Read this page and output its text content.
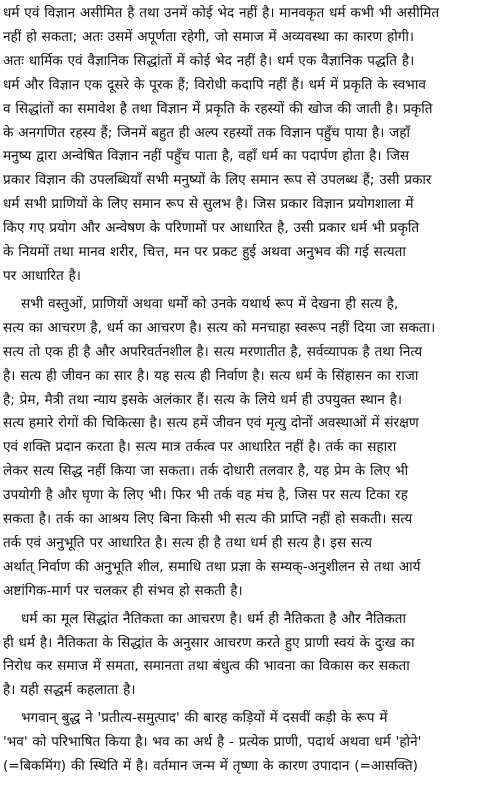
धर्म एवं विज्ञान असीमित है तथा उनमें कोई भेद नहीं है। मानवकृत धर्म कभी भी असीमित
नहीं हो सकता; अतः उसमें अपूर्णता रहेगी, जो समाज में अव्यवस्था का कारण होगी।
अतः धार्मिक एवं वैज्ञानिक सिद्धांतों में कोई भेद नहीं है। धर्म एक वैज्ञानिक पद्धति है।
धर्म और विज्ञान एक दूसरे के पूरक हैं; विरोधी कदापि नहीं हैं। धर्म में प्रकृति के स्वभाव
व सिद्धांतों का समावेश है तथा विज्ञान में प्रकृति के रहस्यों की खोज की जाती है। प्रकृति
के अनगणित रहस्य हैं; जिनमें बहुत ही अल्प रहस्यों तक विज्ञान पहुँच पाया है। जहाँ
मनुष्य द्वारा अन्वेषित विज्ञान नहीं पहुँच पाता है, वहाँ धर्म का पदार्पण होता है। जिस
प्रकार विज्ञान की उपलब्धियाँ सभी मनुष्यों के लिए समान रूप से उपलब्ध हैं; उसी प्रकार
धर्म सभी प्राणियों के लिए समान रूप से सुलभ है। जिस प्रकार विज्ञान प्रयोगशाला में
किए गए प्रयोग और अन्वेषण के परिणामों पर आधारित है, उसी प्रकार धर्म भी प्रकृति
के नियमों तथा मानव शरीर, चित्त, मन पर प्रकट हुई अथवा अनुभव की गई सत्यता
पर आधारित है।

सभी वस्तुओं, प्राणियों अथवा धर्मों को उनके यथार्थ रूप में देखना ही सत्य है,
सत्य का आचरण है, धर्म का आचरण है। सत्य को मनचाहा स्वरूप नहीं दिया जा सकता।
सत्य तो एक ही है और अपरिवर्तनशील है। सत्य मरणातीत है, सर्वव्यापक है तथा नित्य
है। सत्य ही जीवन का सार है। यह सत्य ही निर्वाण है। सत्य धर्म के सिंहासन का राजा
है; प्रेम, मैत्री तथा न्याय इसके अलंकार हैं। सत्य के लिये धर्म ही उपयुक्त स्थान है।
सत्य हमारे रोगों की चिकित्सा है। सत्य हमें जीवन एवं मृत्यु दोनों अवस्थाओं में संरक्षण
एवं शक्ति प्रदान करता है। सत्य मात्र तर्कत्व पर आधारित नहीं है। तर्क का सहारा
लेकर सत्य सिद्ध नहीं किया जा सकता। तर्क दोधारी तलवार है, यह प्रेम के लिए भी
उपयोगी है और घृणा के लिए भी। फिर भी तर्क वह मंच है, जिस पर सत्य टिका रह
सकता है। तर्क का आश्रय लिए बिना किसी भी सत्य की प्राप्ति नहीं हो सकती। सत्य
तर्क एवं अनुभूति पर आधारित है। सत्य ही है तथा धर्म ही सत्य है। इस सत्य
अर्थात् निर्वाण की अनुभूति शील, समाधि तथा प्रज्ञा के सम्यक्-अनुशीलन से तथा आर्य
अष्टांगिक-मार्ग पर चलकर ही संभव हो सकती है।

धर्म का मूल सिद्धांत नैतिकता का आचरण है। धर्म ही नैतिकता है और नैतिकता
ही धर्म है। नैतिकता के सिद्धांत के अनुसार आचरण करते हुए प्राणी स्वयं के दुःख का
निरोध कर समाज में समता, समानता तथा बंधुत्व की भावना का विकास कर सकता
है। यही सद्धर्म कहलाता है।

भगवान् बुद्ध ने 'प्रतीत्य-समुत्पाद' की बारह कड़ियों में दसवीं कड़ी के रूप में
'भव' को परिभाषित किया है। भव का अर्थ है - प्रत्येक प्राणी, पदार्थ अथवा धर्म 'होने'
(=बिकमिंग) की स्थिति में है। वर्तमान जन्म में तृष्णा के कारण उपादान (=आसक्ति)
